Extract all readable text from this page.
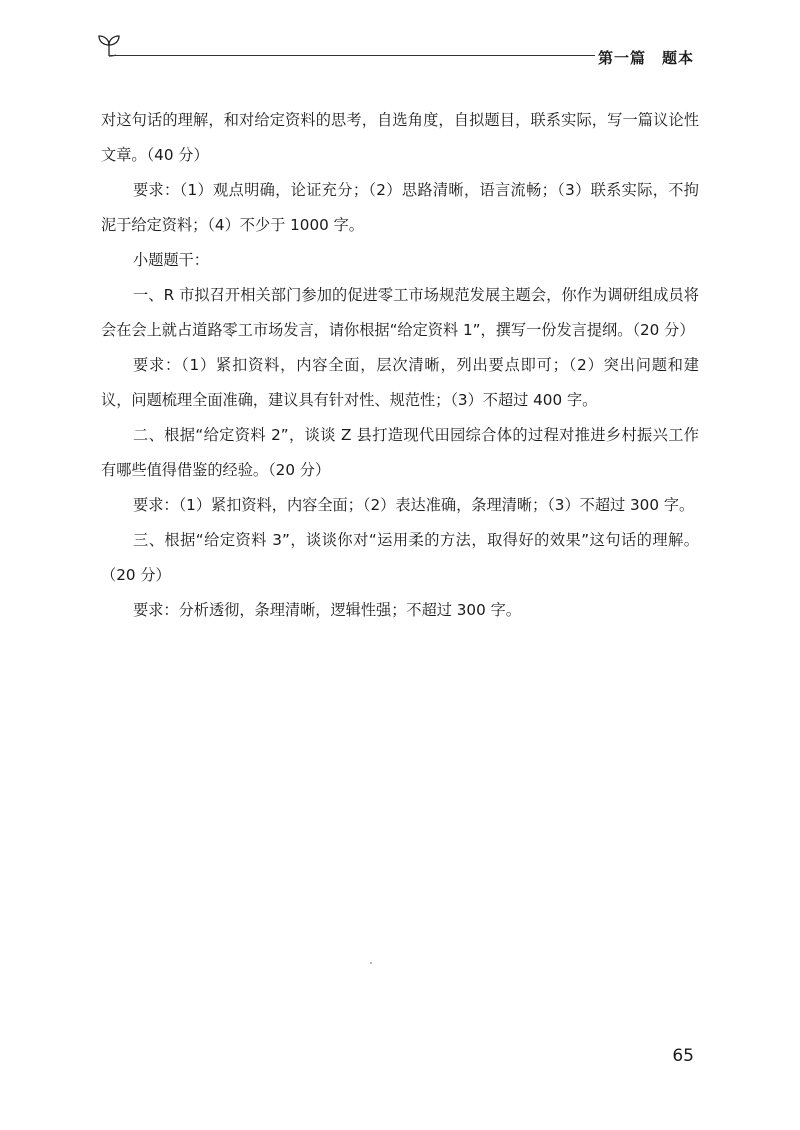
第一篇　题本

对这句话的理解，和对给定资料的思考，自选角度，自拟题目，联系实际，写一篇议论性文章。（40 分）

要求：（1）观点明确，论证充分；（2）思路清晰，语言流畅；（3）联系实际，不拘泥于给定资料；（4）不少于 1000 字。

小题题干：

一、R 市拟召开相关部门参加的促进零工市场规范发展主题会，你作为调研组成员将会在会上就占道路零工市场发言，请你根据“给定资料 1”，撰写一份发言提纲。（20 分）

要求：（1）紧扣资料，内容全面，层次清晰，列出要点即可；（2）突出问题和建议，问题梳理全面准确，建议具有针对性、规范性；（3）不超过 400 字。

二、根据“给定资料 2”，谈谈 Z 县打造现代田园综合体的过程对推进乡村振兴工作有哪些值得借鉴的经验。（20 分）

要求：（1）紧扣资料，内容全面；（2）表达准确，条理清晰；（3）不超过 300 字。

三、根据“给定资料 3”，谈谈你对“运用柔的方法，取得好的效果”这句话的理解。（20 分）

要求：分析透彻，条理清晰，逻辑性强；不超过 300 字。

65
